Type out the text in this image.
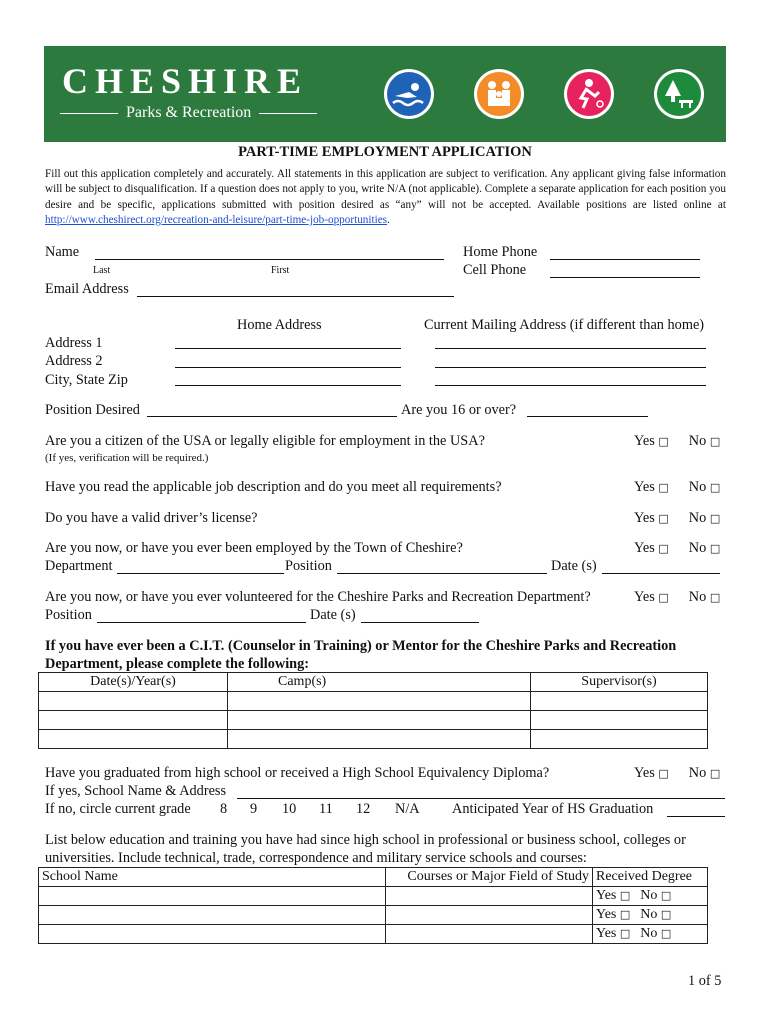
CHESHIRE
Parks & Recreation
PART-TIME EMPLOYMENT APPLICATION

Fill out this application completely and accurately. All statements in this application are subject to verification. Any applicant giving false information will be subject to disqualification. If a question does not apply to you, write N/A (not applicable). Complete a separate application for each position you desire and be specific, applications submitted with position desired as “any” will not be accepted. Available positions are listed online at http://www.cheshirect.org/recreation-and-leisure/part-time-job-opportunities.

Name
Last	First
Home Phone
Cell Phone
Email Address
Home Address	Current Mailing Address (if different than home)
Address 1
Address 2
City, State Zip
Position Desired	Are you 16 or over?
Are you a citizen of the USA or legally eligible for employment in the USA?
(If yes, verification will be required.)
Yes □ No □
Have you read the applicable job description and do you meet all requirements?	Yes □ No □
Do you have a valid driver’s license?	Yes □ No □
Are you now, or have you ever been employed by the Town of Cheshire?	Yes □ No □
Department	Position	Date (s)
Are you now, or have you ever volunteered for the Cheshire Parks and Recreation Department?	Yes □ No □
Position	Date (s)
If you have ever been a C.I.T. (Counselor in Training) or Mentor for the Cheshire Parks and Recreation
Department, please complete the following:
Date(s)/Year(s)	Camp(s)	Supervisor(s)

Have you graduated from high school or received a High School Equivalency Diploma?	Yes □ No □
If yes, School Name & Address
If no, circle current grade 8 9 10 11 12 N/A Anticipated Year of HS Graduation
List below education and training you have had since high school in professional or business school, colleges or
universities. Include technical, trade, correspondence and military service schools and courses:
School Name	Courses or Major Field of Study	Received Degree
		Yes □ No □
		Yes □ No □
		Yes □ No □
1 of 5
